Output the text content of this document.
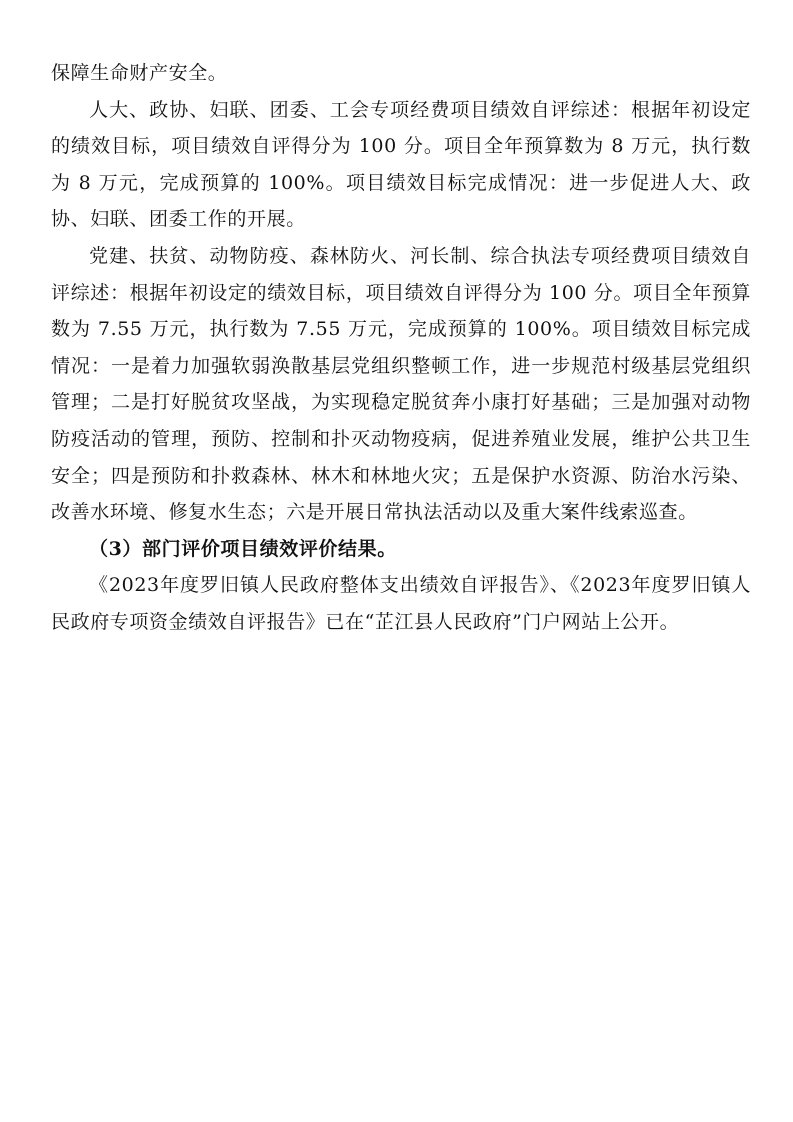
保障生命财产安全。

人大、政协、妇联、团委、工会专项经费项目绩效自评综述：根据年初设定的绩效目标，项目绩效自评得分为 100 分。项目全年预算数为 8 万元，执行数为 8 万元，完成预算的 100%。项目绩效目标完成情况：进一步促进人大、政协、妇联、团委工作的开展。

党建、扶贫、动物防疫、森林防火、河长制、综合执法专项经费项目绩效自评综述：根据年初设定的绩效目标，项目绩效自评得分为 100 分。项目全年预算数为 7.55 万元，执行数为 7.55 万元，完成预算的 100%。项目绩效目标完成情况：一是着力加强软弱涣散基层党组织整顿工作，进一步规范村级基层党组织管理；二是打好脱贫攻坚战，为实现稳定脱贫奔小康打好基础；三是加强对动物防疫活动的管理，预防、控制和扑灭动物疫病，促进养殖业发展，维护公共卫生安全；四是预防和扑救森林、林木和林地火灾；五是保护水资源、防治水污染、改善水环境、修复水生态；六是开展日常执法活动以及重大案件线索巡查。

（3）部门评价项目绩效评价结果。

《2023年度罗旧镇人民政府整体支出绩效自评报告》、《2023年度罗旧镇人民政府专项资金绩效自评报告》已在“芷江县人民政府”门户网站上公开。
